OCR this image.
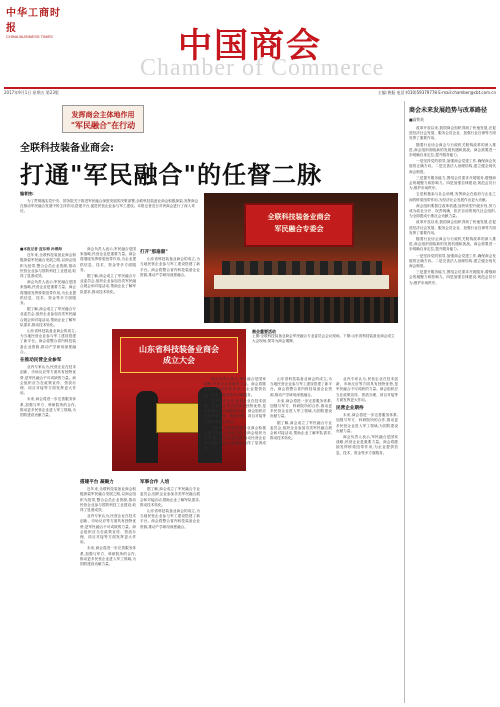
中华工商时报
CHINA BUSINESS TIMES	中国商会
Chamber of Commerce
2017年9月1日 星期五 第23版	主编:黄振 电话:(010)59379778 E-mail:chamber@cbt.com.cn
发挥商会主体地作用
"军民融合"在行动
全联科技装备业商会:
打通"军民融合"的任督二脉
编者按:

为了贯彻落实党中央、国务院关于推进军民融合深度发展的决策部署,全联科技装备业商会积极探索,发挥商会在推动军民融合发展中的主体作用,搭建平台,促进民营企业参与军工建设。本报记者近日对该商会进行了深入采访。

全联科技装备业商会
军民融合专委会

■本报记者 庞东梅 孙博海

近年来,全联科技装备业商会积极探索军民融合发展之路,以商会组织为纽带,整合会员企业资源,推动民营企业参与国防科技工业建设,取得了显著成效。

商会负责人表示,军民融合是国家战略,民营企业是重要力量。商会将继续发挥桥梁纽带作用,为企业提供信息、技术、资金等多方面服务。

据了解,商会成立了军民融合专业委员会,组织企业参加各类军民融合展会和对接活动,帮助企业了解军队需求,推动技术转化。

山东省科技装备业商会的成立,为当地民营企业参与军工建设搭建了新平台。商会将整合省内科技装备企业资源,推动产学研用深度融合。

在推动民营企业参军

业内专家认为,民营企业在技术创新、市场反应等方面具有独特优势,是军民融合不可或缺的力量。商会组织应当在政策宣传、资质办理、项目对接等方面发挥更大作用。

未来,商会将进一步完善服务体系,加强与军方、科研院所的合作,推动更多民营企业进入军工领域,为国防建设贡献力量。

商会负责人表示,军民融合是国家战略,民营企业是重要力量。商会将继续发挥桥梁纽带作用,为企业提供信息、技术、资金等多方面服务。

据了解,商会成立了军民融合专业委员会,组织企业参加各类军民融合展会和对接活动,帮助企业了解军队需求,推动技术转化。

打开"那扇窗"

山东省科技装备业商会的成立,为当地民营企业参与军工建设搭建了新平台。商会将整合省内科技装备企业资源,推动产学研用深度融合。

山东省科技装备业商会
成立大会
商会重要活动
上图:全联科技装备业商会军民融合专业委员会会议现场。下图:山东省科技装备业商会成立大会现场,领导为商会揭牌。

搭建平台 凝聚力

近年来,全联科技装备业商会积极探索军民融合发展之路,以商会组织为纽带,整合会员企业资源,推动民营企业参与国防科技工业建设,取得了显著成效。

业内专家认为,民营企业在技术创新、市场反应等方面具有独特优势,是军民融合不可或缺的力量。商会组织应当在政策宣传、资质办理、项目对接等方面发挥更大作用。

未来,商会将进一步完善服务体系,加强与军方、科研院所的合作,推动更多民营企业进入军工领域,为国防建设贡献力量。

军事合作 人培

据了解,商会成立了军民融合专业委员会,组织企业参加各类军民融合展会和对接活动,帮助企业了解军队需求,推动技术转化。

山东省科技装备业商会的成立,为当地民营企业参与军工建设搭建了新平台。商会将整合省内科技装备企业资源,推动产学研用深度融合。

商会负责人表示,军民融合是国家战略,民营企业是重要力量。商会将继续发挥桥梁纽带作用,为企业提供信息、技术、资金等多方面服务。

业内专家认为,民营企业在技术创新、市场反应等方面具有独特优势,是军民融合不可或缺的力量。商会组织应当在政策宣传、资质办理、项目对接等方面发挥更大作用。

近年来,全联科技装备业商会积极探索军民融合发展之路,以商会组织为纽带,整合会员企业资源,推动民营企业参与国防科技工业建设,取得了显著成效。

山东省科技装备业商会的成立,为当地民营企业参与军工建设搭建了新平台。商会将整合省内科技装备企业资源,推动产学研用深度融合。

未来,商会将进一步完善服务体系,加强与军方、科研院所的合作,推动更多民营企业进入军工领域,为国防建设贡献力量。

据了解,商会成立了军民融合专业委员会,组织企业参加各类军民融合展会和对接活动,帮助企业了解军队需求,推动技术转化。

业内专家认为,民营企业在技术创新、市场反应等方面具有独特优势,是军民融合不可或缺的力量。商会组织应当在政策宣传、资质办理、项目对接等方面发挥更大作用。

民营企业期待

未来,商会将进一步完善服务体系,加强与军方、科研院所的合作,推动更多民营企业进入军工领域,为国防建设贡献力量。

商会负责人表示,军民融合是国家战略,民营企业是重要力量。商会将继续发挥桥梁纽带作用,为企业提供信息、技术、资金等多方面服务。

商会未来发展趋势与改革路径
■高铁英

改革开放以来,我国商会组织得到了快速发展,在促进经济社会发展、服务会员企业、加强行业自律等方面发挥了重要作用。

随着行业协会商会与行政机关脱钩改革的深入推进,商会组织面临新的发展机遇和挑战。商会需要进一步明确自身定位,提升服务能力。

一是坚持党的领导,加强商会党建工作,确保商会发展的正确方向。二是完善法人治理结构,建立健全现代商会制度。

三是提升服务能力,围绕会员需求开展服务,增强商会的凝聚力和影响力。四是加强自律建设,规范会员行为,维护市场秩序。

五是积极参与社会治理,发挥商会在政府与企业之间的桥梁纽带作用,为经济社会发展作出更大贡献。

商会组织要抓住改革机遇,加快转型升级步伐,努力成为政社分开、权责明确、依法自治的现代社会组织,为全面建成小康社会贡献力量。

改革开放以来,我国商会组织得到了快速发展,在促进经济社会发展、服务会员企业、加强行业自律等方面发挥了重要作用。

随着行业协会商会与行政机关脱钩改革的深入推进,商会组织面临新的发展机遇和挑战。商会需要进一步明确自身定位,提升服务能力。

一是坚持党的领导,加强商会党建工作,确保商会发展的正确方向。二是完善法人治理结构,建立健全现代商会制度。

三是提升服务能力,围绕会员需求开展服务,增强商会的凝聚力和影响力。四是加强自律建设,规范会员行为,维护市场秩序。
